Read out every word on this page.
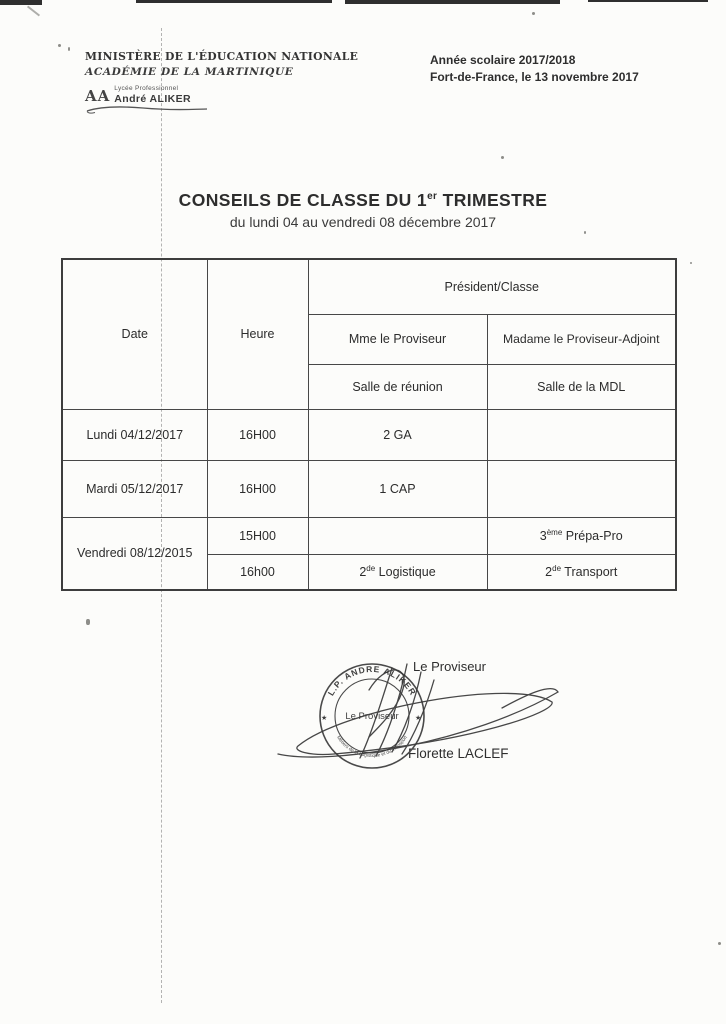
MINISTÈRE DE L'ÉDUCATION NATIONALE
ACADÉMIE DE LA MARTINIQUE
AA Lycée Professionnel
André ALIKER
Année scolaire 2017/2018
Fort-de-France, le 13 novembre 2017
CONSEILS DE CLASSE DU 1er TRIMESTRE
du lundi 04 au vendredi 08 décembre 2017
Date	Heure	Président/Classe	
		Mme le Proviseur	Madame le Proviseur-Adjoint
		Salle de réunion	Salle de la MDL
Lundi 04/12/2017	16H00	2 GA	
Mardi 05/12/2017	16H00	1 CAP	
Vendredi 08/12/2015	15H00		3ème Prépa-Pro
	16h00	2de Logistique	2de Transport
Le Proviseur
Florette LACLEF
L.P. ANDRE ALIKER
Métiers de la Logistique et du Transport
Le Proviseur
★	★
